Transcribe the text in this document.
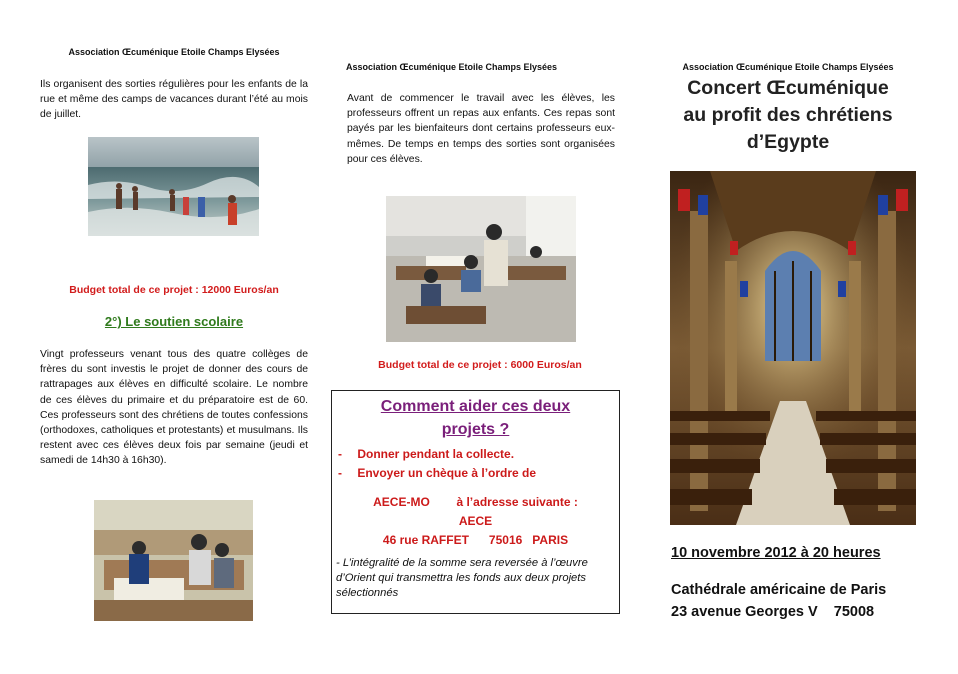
Association Œcuménique Etoile Champs Elysées
Ils organisent des sorties régulières pour les enfants de la rue et même des camps de vacances durant l’été au mois de juillet.
Budget total de ce projet : 12000 Euros/an
2°) Le soutien scolaire
Vingt professeurs venant tous des quatre collèges de frères du sont investis le projet de donner des cours de rattrapages aux élèves en difficulté scolaire. Le nombre de ces élèves du primaire et du préparatoire est de 60. Ces professeurs sont des chrétiens de toutes confessions (orthodoxes, catholiques et protestants) et musulmans. Ils restent avec ces élèves deux fois par semaine (jeudi et samedi de 14h30 à 16h30).
Association Œcuménique Etoile Champs Elysées
Avant de commencer le travail avec les élèves, les professeurs offrent un repas aux enfants. Ces repas sont payés par les bienfaiteurs dont certains professeurs eux-mêmes. De temps en temps des sorties sont organisées pour ces élèves.
Budget total de ce projet : 6000 Euros/an
Comment aider ces deux
projets ?
- Donner pendant la collecte.
- Envoyer un chèque à l’ordre de
AECE-MO        à l’adresse suivante :
AECE
46 rue RAFFET      75016   PARIS
- L’intégralité de la somme sera reversée à l’œuvre d’Orient qui transmettra les fonds aux deux projets sélectionnés
Association Œcuménique Etoile Champs Elysées
Concert Œcuménique
au profit des chrétiens
d’Egypte
10 novembre 2012 à 20 heures
Cathédrale américaine de Paris
23 avenue Georges V    75008
